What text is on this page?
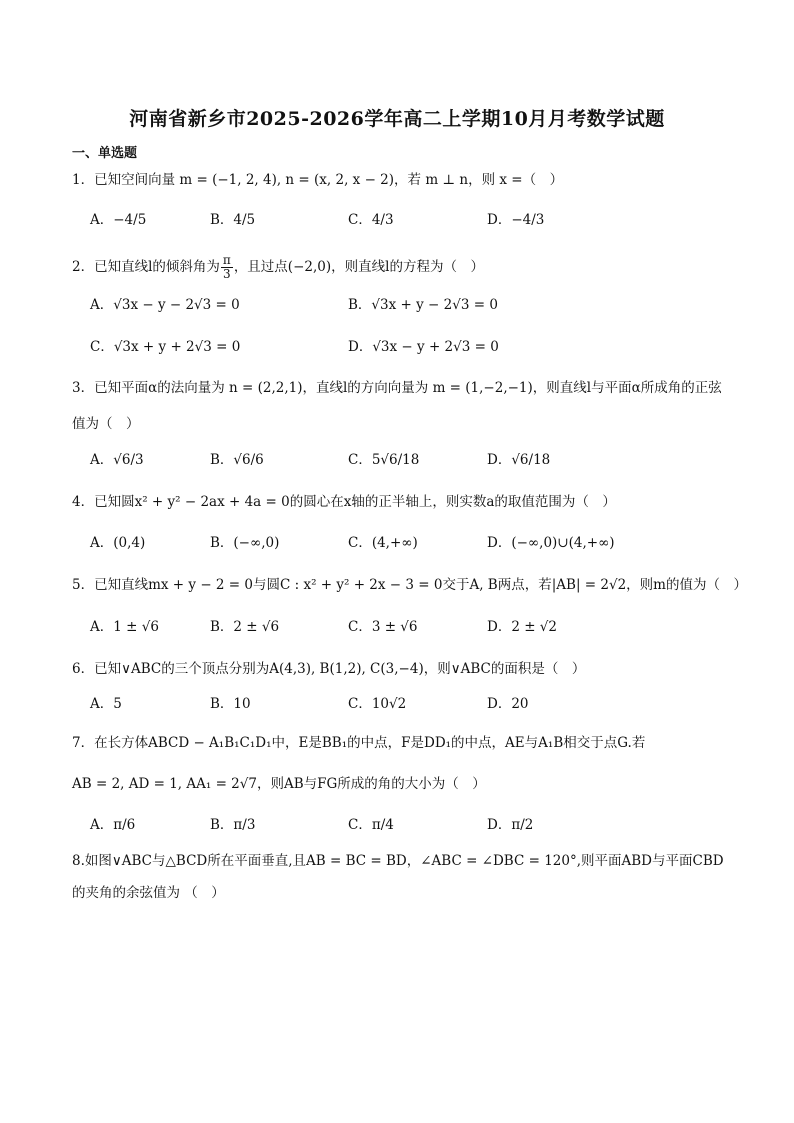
河南省新乡市2025-2026学年高二上学期10月月考数学试题
一、单选题
1．已知空间向量 m = (−1, 2, 4), n = (x, 2, x − 2)，若 m ⊥ n，则 x =（　）
A．−4/5	B．4/5	C．4/3	D．−4/3
2．已知直线l的倾斜角为 $\frac{\pi}{3}$ ，且过点(−2,0)，则直线l的方程为（　）
A．√3x − y − 2√3 = 0	B．√3x + y − 2√3 = 0
C．√3x + y + 2√3 = 0	D．√3x − y + 2√3 = 0
3．已知平面α的法向量为 n = (2,2,1)，直线l的方向向量为 m = (1,−2,−1)，则直线l与平面α所成角的正弦
值为（　）
A．√6/3	B．√6/6	C．5√6/18	D．√6/18
4．已知圆x² + y² − 2ax + 4a = 0的圆心在x轴的正半轴上，则实数a的取值范围为（　）
A．(0,4)	B．(−∞,0)	C．(4,+∞)	D．(−∞,0)∪(4,+∞)
5．已知直线mx + y − 2 = 0与圆C : x² + y² + 2x − 3 = 0交于A, B两点，若|AB| = 2√2，则m的值为（　）
A．1 ± √6	B．2 ± √6	C．3 ± √6	D．2 ± √2
6．已知∨ABC的三个顶点分别为A(4,3), B(1,2), C(3,−4)，则∨ABC的面积是（　）
A．5	B．10	C．10√2	D．20
7．在长方体ABCD − A₁B₁C₁D₁中，E是BB₁的中点，F是DD₁的中点，AE与A₁B相交于点G.若
AB = 2, AD = 1, AA₁ = 2√7，则AB与FG所成的角的大小为（　）
A．π/6	B．π/3	C．π/4	D．π/2
8.如图∨ABC与△BCD所在平面垂直,且AB = BC = BD，∠ABC = ∠DBC = 120°,则平面ABD与平面CBD
的夹角的余弦值为 （　）
